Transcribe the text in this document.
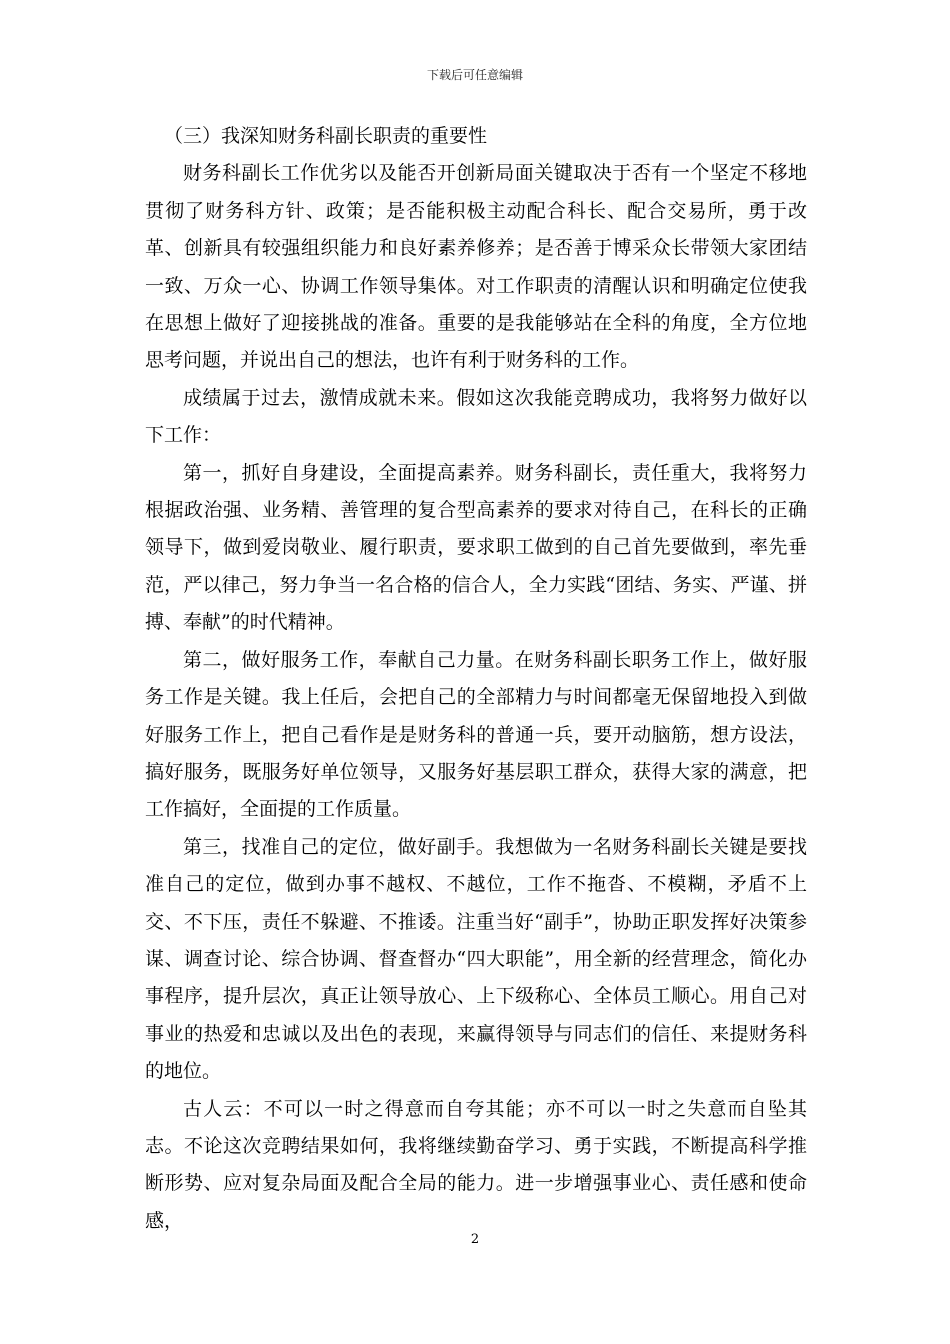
下载后可任意编辑

（三）我深知财务科副长职责的重要性

财务科副长工作优劣以及能否开创新局面关键取决于否有一个坚定不移地贯彻了财务科方针、政策；是否能积极主动配合科长、配合交易所，勇于改革、创新具有较强组织能力和良好素养修养；是否善于博采众长带领大家团结一致、万众一心、协调工作领导集体。对工作职责的清醒认识和明确定位使我在思想上做好了迎接挑战的准备。重要的是我能够站在全科的角度，全方位地思考问题，并说出自己的想法，也许有利于财务科的工作。

成绩属于过去，激情成就未来。假如这次我能竞聘成功，我将努力做好以下工作：

第一，抓好自身建设，全面提高素养。财务科副长，责任重大，我将努力根据政治强、业务精、善管理的复合型高素养的要求对待自己，在科长的正确领导下，做到爱岗敬业、履行职责，要求职工做到的自己首先要做到，率先垂范，严以律己，努力争当一名合格的信合人，全力实践“团结、务实、严谨、拼搏、奉献”的时代精神。

第二，做好服务工作，奉献自己力量。在财务科副长职务工作上，做好服务工作是关键。我上任后，会把自己的全部精力与时间都毫无保留地投入到做好服务工作上，把自己看作是是财务科的普通一兵，要开动脑筋，想方设法，搞好服务，既服务好单位领导，又服务好基层职工群众，获得大家的满意，把工作搞好，全面提的工作质量。

第三，找准自己的定位，做好副手。我想做为一名财务科副长关键是要找准自己的定位，做到办事不越权、不越位，工作不拖沓、不模糊，矛盾不上交、不下压，责任不躲避、不推诿。注重当好“副手”，协助正职发挥好决策参谋、调查讨论、综合协调、督查督办“四大职能”，用全新的经营理念，简化办事程序，提升层次，真正让领导放心、上下级称心、全体员工顺心。用自己对事业的热爱和忠诚以及出色的表现，来赢得领导与同志们的信任、来提财务科的地位。

古人云：不可以一时之得意而自夸其能；亦不可以一时之失意而自坠其志。不论这次竞聘结果如何，我将继续勤奋学习、勇于实践，不断提高科学推断形势、应对复杂局面及配合全局的能力。进一步增强事业心、责任感和使命感，

2
